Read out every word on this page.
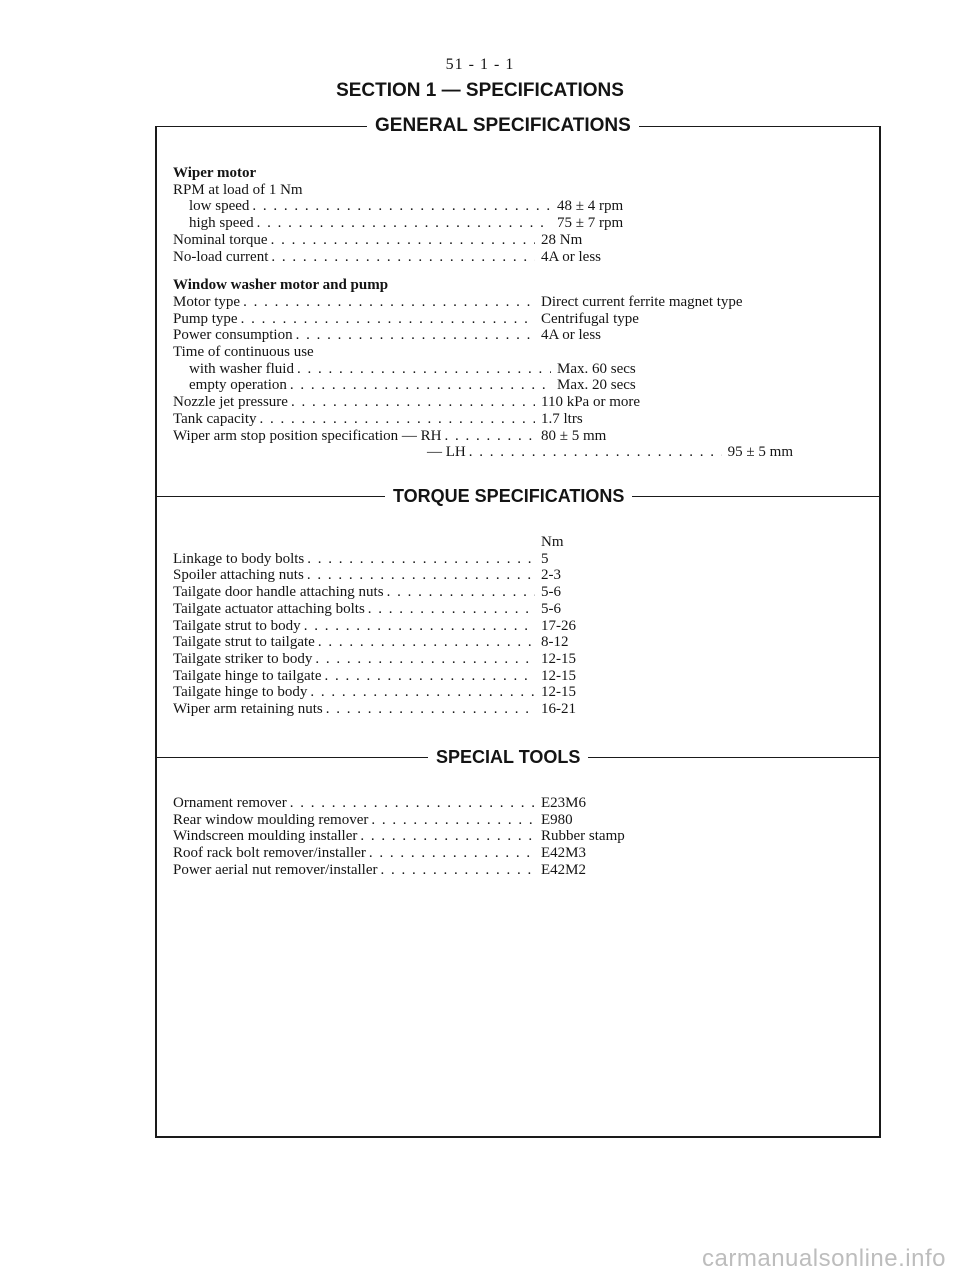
51 - 1 - 1
SECTION 1 — SPECIFICATIONS
GENERAL SPECIFICATIONS
Wiper motor
RPM at load of 1 Nm
low speed . . .	48 ± 4 rpm
high speed . . .	75 ± 7 rpm
Nominal torque . . .	28 Nm
No-load current . . .	4A or less
Window washer motor and pump
Motor type . . .	Direct current ferrite magnet type
Pump type . . .	Centrifugal type
Power consumption . . .	4A or less
Time of continuous use
with washer fluid . . .	Max. 60 secs
empty operation . . .	Max. 20 secs
Nozzle jet pressure . . .	110 kPa or more
Tank capacity . . .	1.7 ltrs
Wiper arm stop position specification — RH . . .	80 ± 5 mm
— LH . . .	95 ± 5 mm
TORQUE SPECIFICATIONS
Nm
Linkage to body bolts . . .	5
Spoiler attaching nuts . . .	2-3
Tailgate door handle attaching nuts . . .	5-6
Tailgate actuator attaching bolts . . .	5-6
Tailgate strut to body . . .	17-26
Tailgate strut to tailgate . . .	8-12
Tailgate striker to body . . .	12-15
Tailgate hinge to tailgate . . .	12-15
Tailgate hinge to body . . .	12-15
Wiper arm retaining nuts . . .	16-21
SPECIAL TOOLS
Ornament remover . . .	E23M6
Rear window moulding remover . . .	E980
Windscreen moulding installer . . .	Rubber stamp
Roof rack bolt remover/installer . . .	E42M3
Power aerial nut remover/installer . . .	E42M2
carmanualsonline.info
